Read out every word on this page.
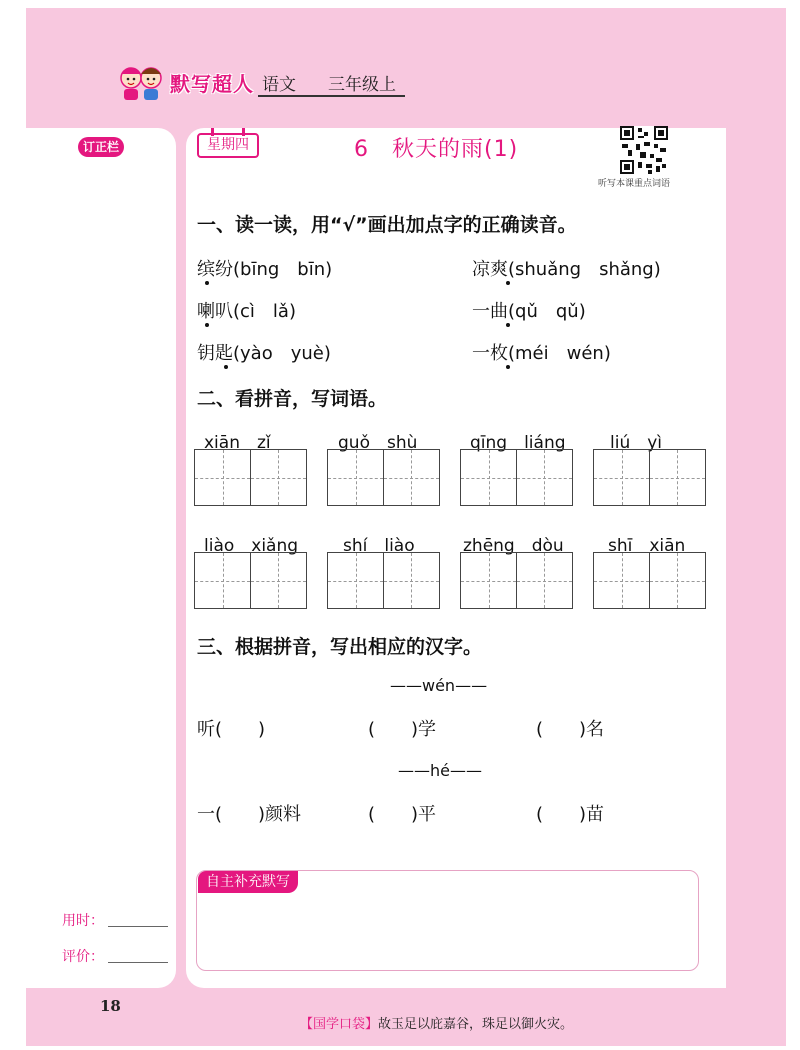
默写超人 语文 三年级上
订正栏
用时：
评价：
星期四	6　秋天的雨(1)
听写本课重点词语
一、读一读，用“√”画出加点字的正确读音。
缤纷(bīng　bīn)	凉爽(shuǎng　shǎng)
喇叭(cì　lǎ)	一曲(qǔ　qǔ)
钥匙(yào　yuè)	一枚(méi　wén)
二、看拼音，写词语。
xiān　zǐ	guǒ　shù	qīng　liáng	liú　yì
liào　xiǎng	shí　liào	zhēng　dòu	shī　xiān
三、根据拼音，写出相应的汉字。
——wén——
听(　　)	(　　)学	(　　)名
——hé——
一(　　)颜料	(　　)平	(　　)苗
自主补充默写
18
【国学口袋】故玉足以庇嘉谷，珠足以御火灾。
